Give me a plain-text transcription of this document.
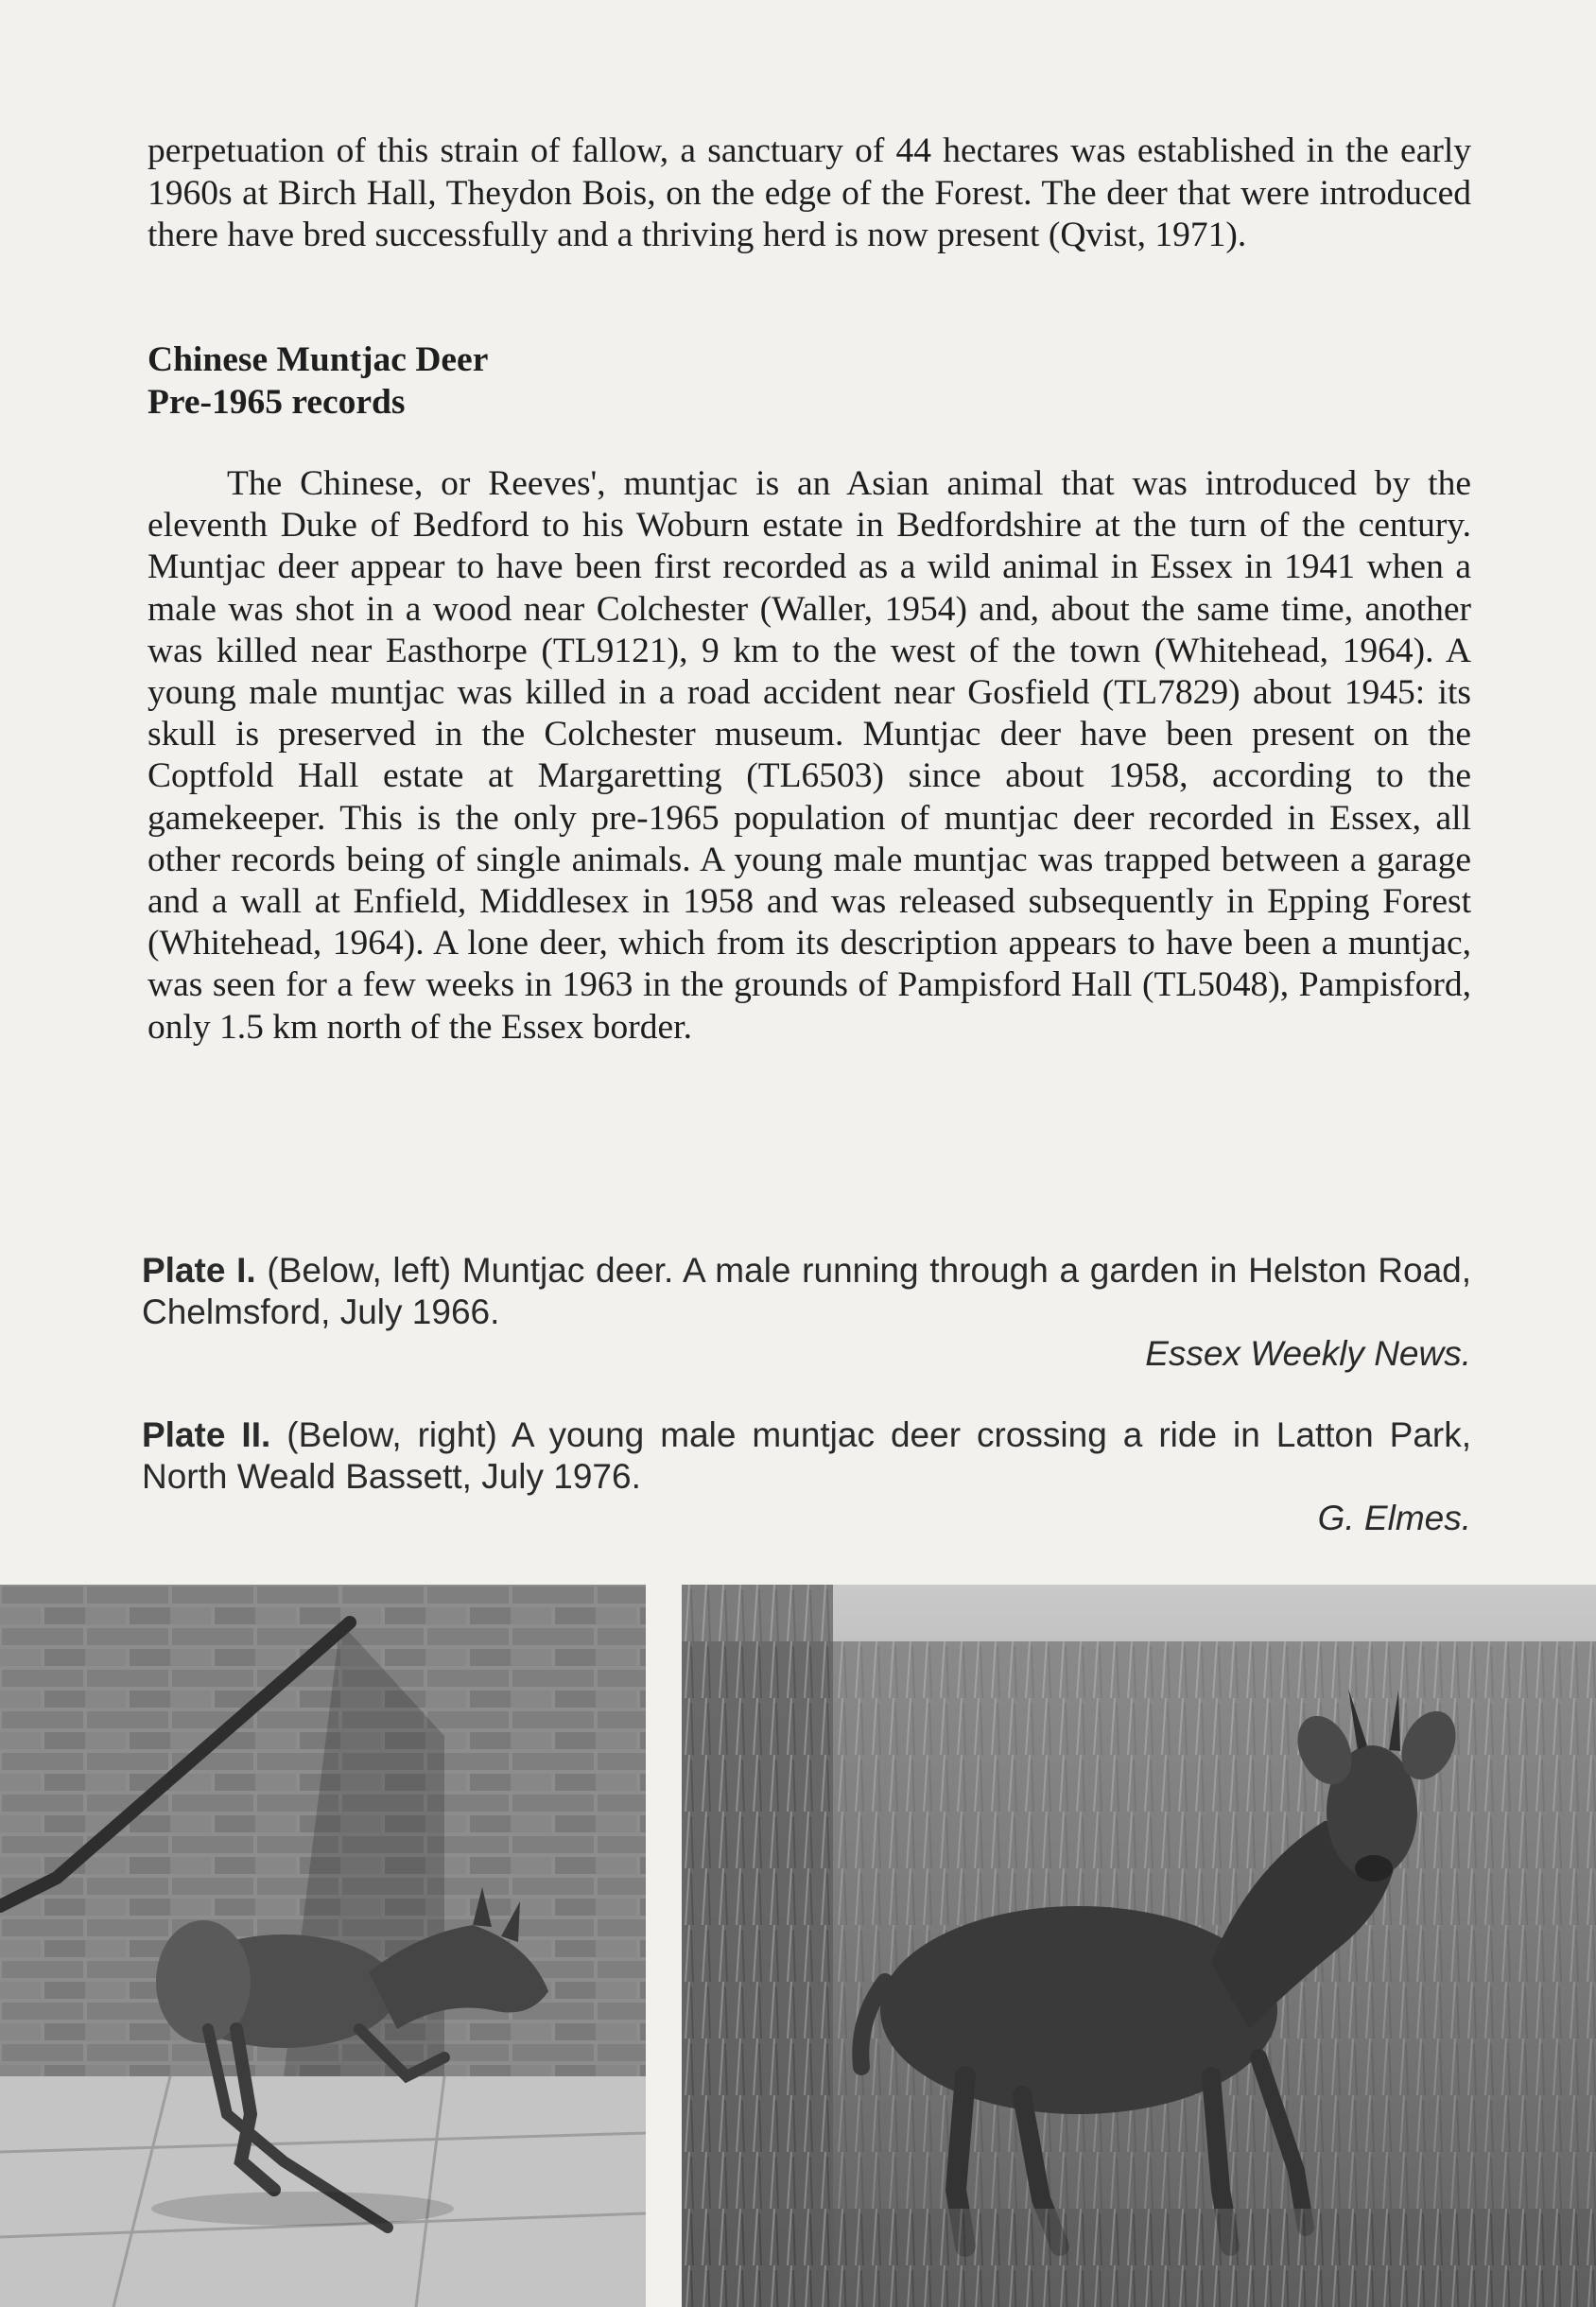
perpetuation of this strain of fallow, a sanctuary of 44 hectares was established in the early 1960s at Birch Hall, Theydon Bois, on the edge of the Forest. The deer that were introduced there have bred successfully and a thriving herd is now present (Qvist, 1971).

Chinese Muntjac Deer
Pre-1965 records

The Chinese, or Reeves', muntjac is an Asian animal that was introduced by the eleventh Duke of Bedford to his Woburn estate in Bedfordshire at the turn of the century. Muntjac deer appear to have been first recorded as a wild animal in Essex in 1941 when a male was shot in a wood near Colchester (Waller, 1954) and, about the same time, another was killed near Easthorpe (TL9121), 9 km to the west of the town (Whitehead, 1964). A young male muntjac was killed in a road accident near Gosfield (TL7829) about 1945: its skull is preserved in the Colchester museum. Muntjac deer have been present on the Coptfold Hall estate at Margaretting (TL6503) since about 1958, according to the gamekeeper. This is the only pre-1965 population of muntjac deer recorded in Essex, all other records being of single animals. A young male muntjac was trapped between a garage and a wall at Enfield, Middlesex in 1958 and was released subsequently in Epping Forest (Whitehead, 1964). A lone deer, which from its description appears to have been a muntjac, was seen for a few weeks in 1963 in the grounds of Pampisford Hall (TL5048), Pampisford, only 1.5 km north of the Essex border.

Plate I. (Below, left) Muntjac deer. A male running through a garden in Helston Road, Chelmsford, July 1966.

Essex Weekly News.

Plate II. (Below, right) A young male muntjac deer crossing a ride in Latton Park, North Weald Bassett, July 1976.

G. Elmes.
